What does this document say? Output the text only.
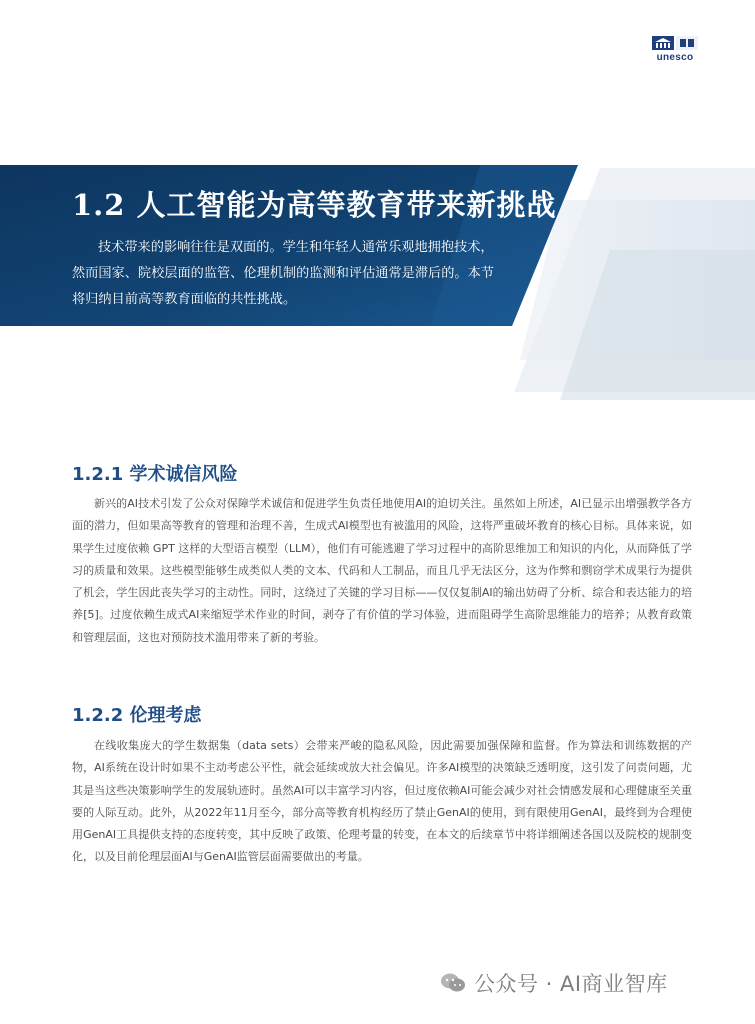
unesco
1.2 人工智能为高等教育带来新挑战

技术带来的影响往往是双面的。学生和年轻人通常乐观地拥抱技术，然而国家、院校层面的监管、伦理机制的监测和评估通常是滞后的。本节将归纳目前高等教育面临的共性挑战。

1.2.1 学术诚信风险

新兴的AI技术引发了公众对保障学术诚信和促进学生负责任地使用AI的迫切关注。虽然如上所述，AI已显示出增强教学各方面的潜力，但如果高等教育的管理和治理不善，生成式AI模型也有被滥用的风险，这将严重破坏教育的核心目标。具体来说，如果学生过度依赖 GPT 这样的大型语言模型（LLM），他们有可能逃避了学习过程中的高阶思维加工和知识的内化，从而降低了学习的质量和效果。这些模型能够生成类似人类的文本、代码和人工制品，而且几乎无法区分，这为作弊和剽窃学术成果行为提供了机会，学生因此丧失学习的主动性。同时，这绕过了关键的学习目标——仅仅复制AI的输出妨碍了分析、综合和表达能力的培养[5]。过度依赖生成式AI来缩短学术作业的时间，剥夺了有价值的学习体验，进而阻碍学生高阶思维能力的培养；从教育政策和管理层面，这也对预防技术滥用带来了新的考验。

1.2.2 伦理考虑

在线收集庞大的学生数据集（data sets）会带来严峻的隐私风险，因此需要加强保障和监督。作为算法和训练数据的产物，AI系统在设计时如果不主动考虑公平性，就会延续或放大社会偏见。许多AI模型的决策缺乏透明度，这引发了问责问题，尤其是当这些决策影响学生的发展轨迹时。虽然AI可以丰富学习内容，但过度依赖AI可能会减少对社会情感发展和心理健康至关重要的人际互动。此外，从2022年11月至今，部分高等教育机构经历了禁止GenAI的使用，到有限使用GenAI，最终到为合理使用GenAI工具提供支持的态度转变，其中反映了政策、伦理考量的转变，在本文的后续章节中将详细阐述各国以及院校的规制变化，以及目前伦理层面AI与GenAI监管层面需要做出的考量。

公众号 · AI商业智库
